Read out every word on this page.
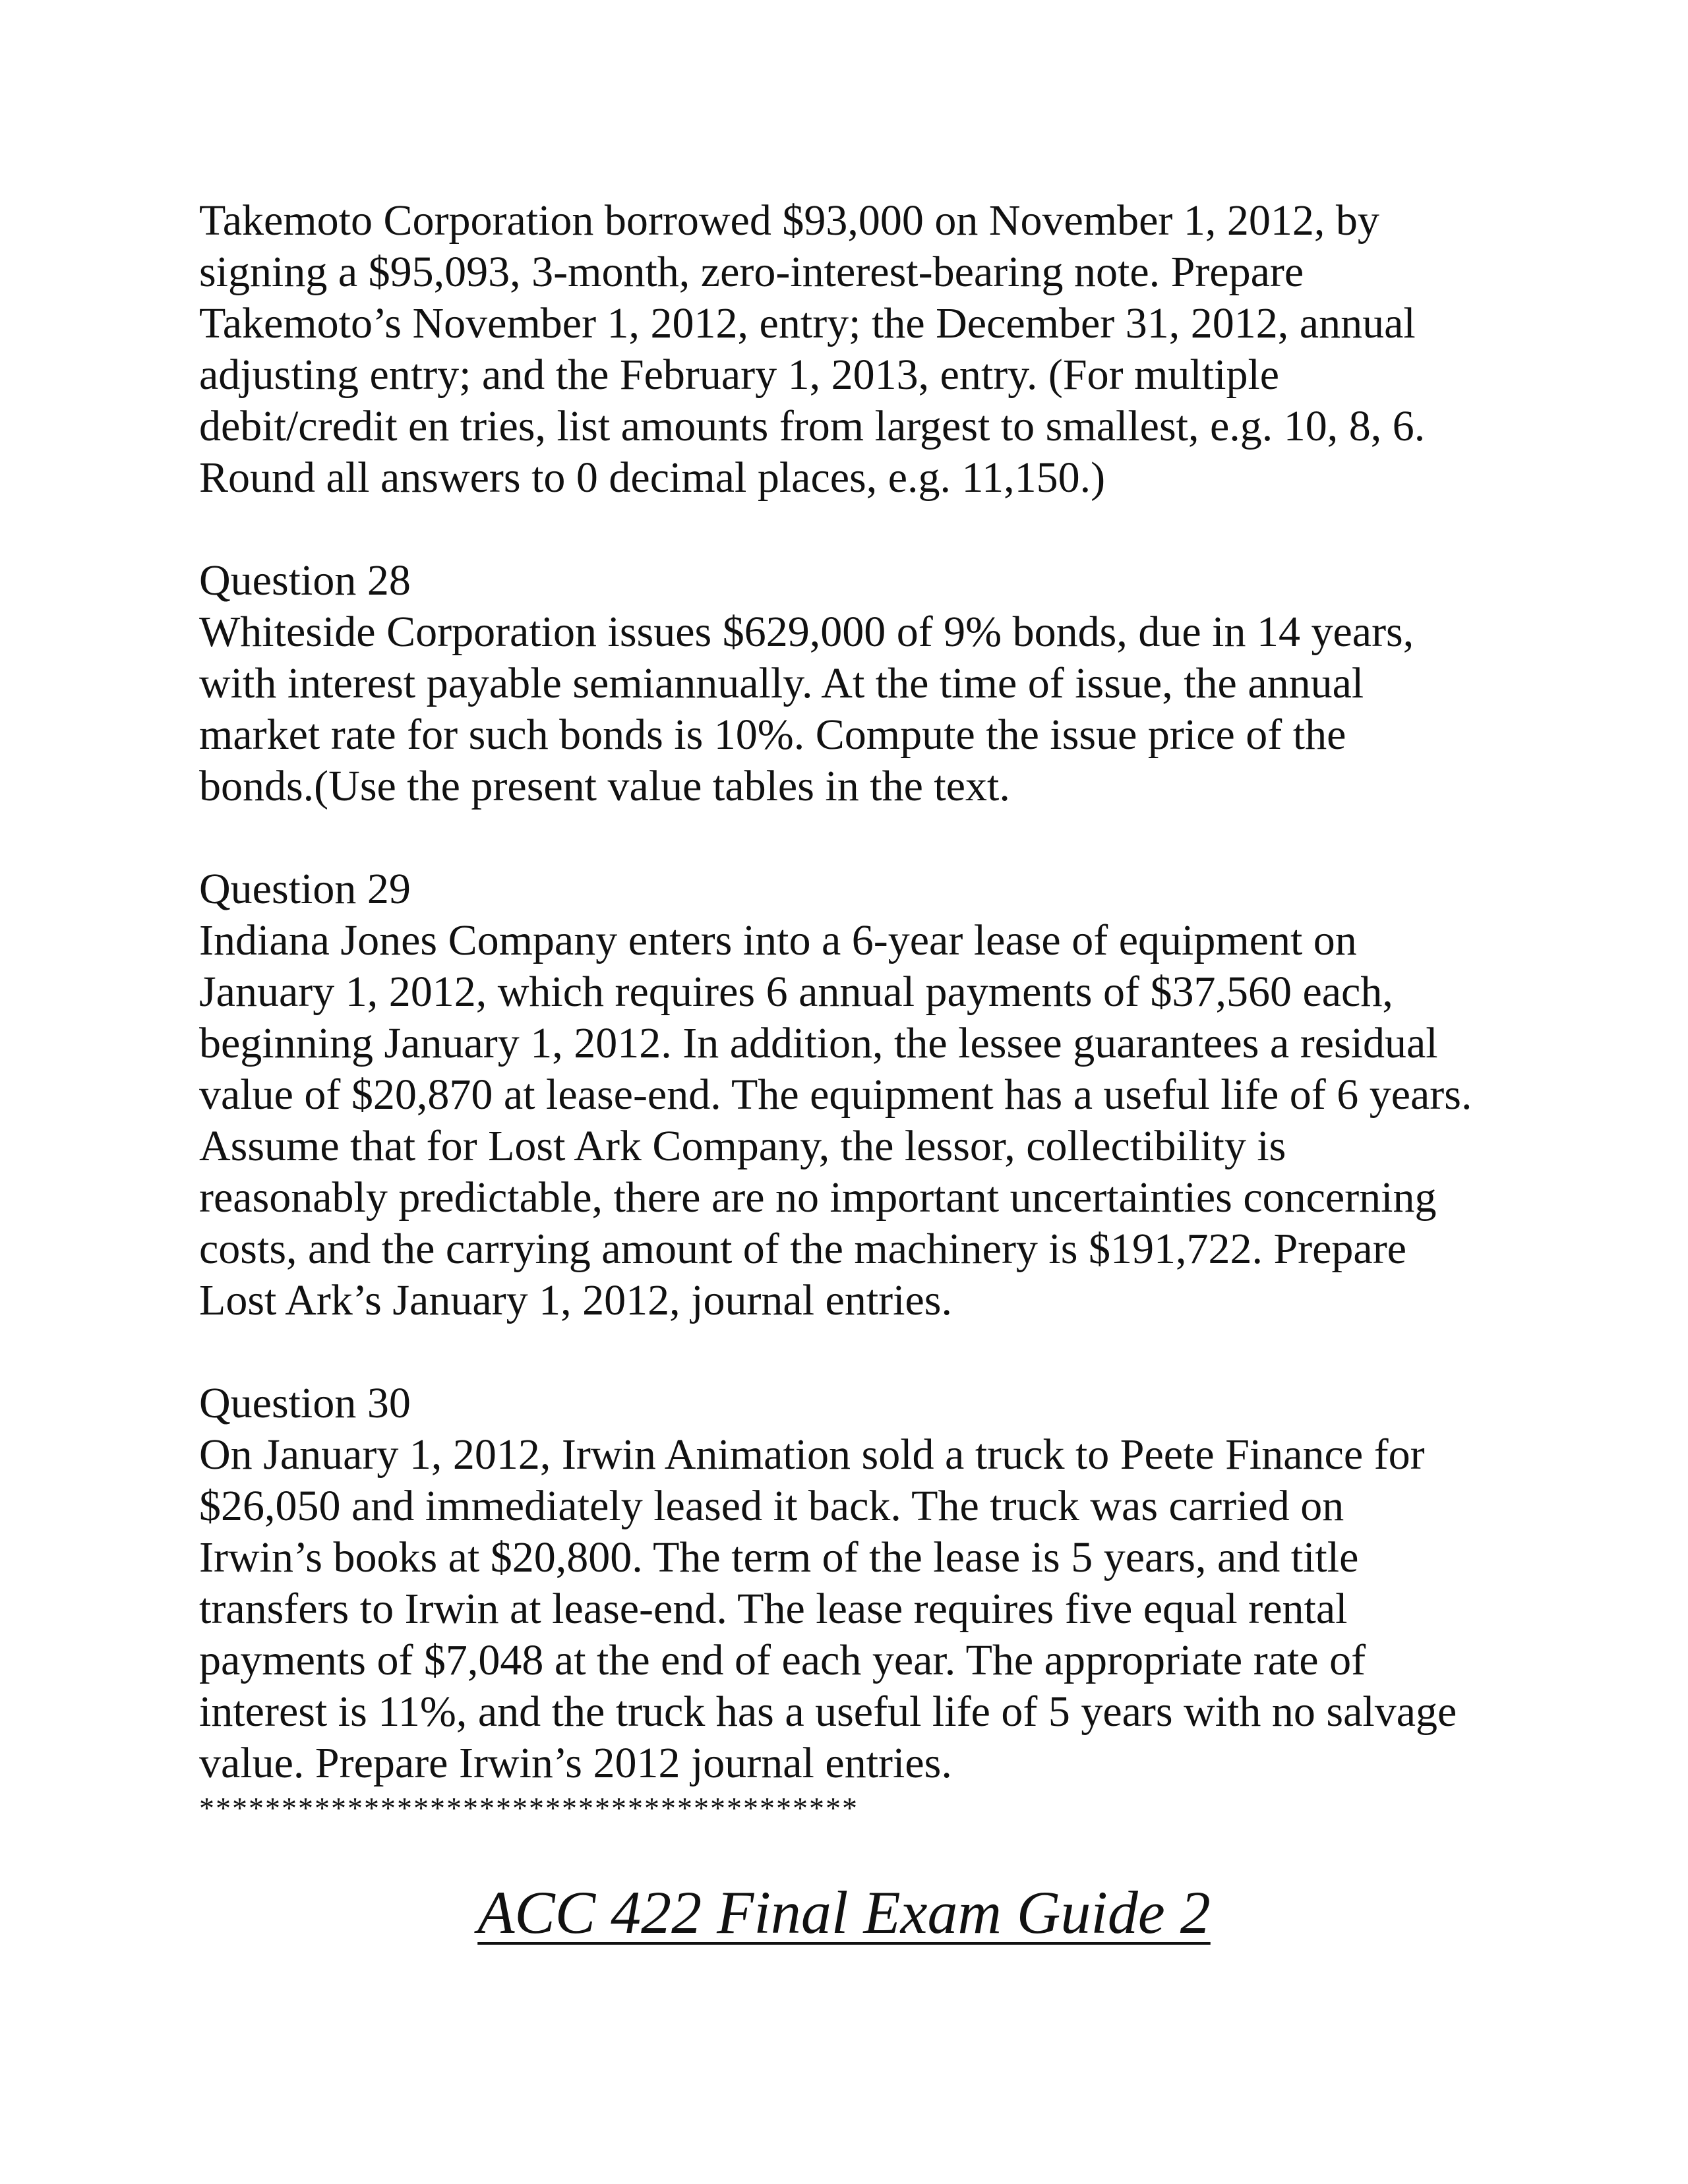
Takemoto Corporation borrowed $93,000 on November 1, 2012, by
signing a $95,093, 3-month, zero-interest-bearing note. Prepare
Takemoto’s November 1, 2012, entry; the December 31, 2012, annual
adjusting entry; and the February 1, 2013, entry. (For multiple
debit/credit en tries, list amounts from largest to smallest, e.g. 10, 8, 6.
Round all answers to 0 decimal places, e.g. 11,150.)

Question 28
Whiteside Corporation issues $629,000 of 9% bonds, due in 14 years,
with interest payable semiannually. At the time of issue, the annual
market rate for such bonds is 10%. Compute the issue price of the
bonds.(Use the present value tables in the text.

Question 29
Indiana Jones Company enters into a 6-year lease of equipment on
January 1, 2012, which requires 6 annual payments of $37,560 each,
beginning January 1, 2012. In addition, the lessee guarantees a residual
value of $20,870 at lease-end. The equipment has a useful life of 6 years.
Assume that for Lost Ark Company, the lessor, collectibility is
reasonably predictable, there are no important uncertainties concerning
costs, and the carrying amount of the machinery is $191,722. Prepare
Lost Ark’s January 1, 2012, journal entries.

Question 30
On January 1, 2012, Irwin Animation sold a truck to Peete Finance for
$26,050 and immediately leased it back. The truck was carried on
Irwin’s books at $20,800. The term of the lease is 5 years, and title
transfers to Irwin at lease-end. The lease requires five equal rental
payments of $7,048 at the end of each year. The appropriate rate of
interest is 11%, and the truck has a useful life of 5 years with no salvage
value. Prepare Irwin’s 2012 journal entries.

****************************************
ACC 422 Final Exam Guide 2
